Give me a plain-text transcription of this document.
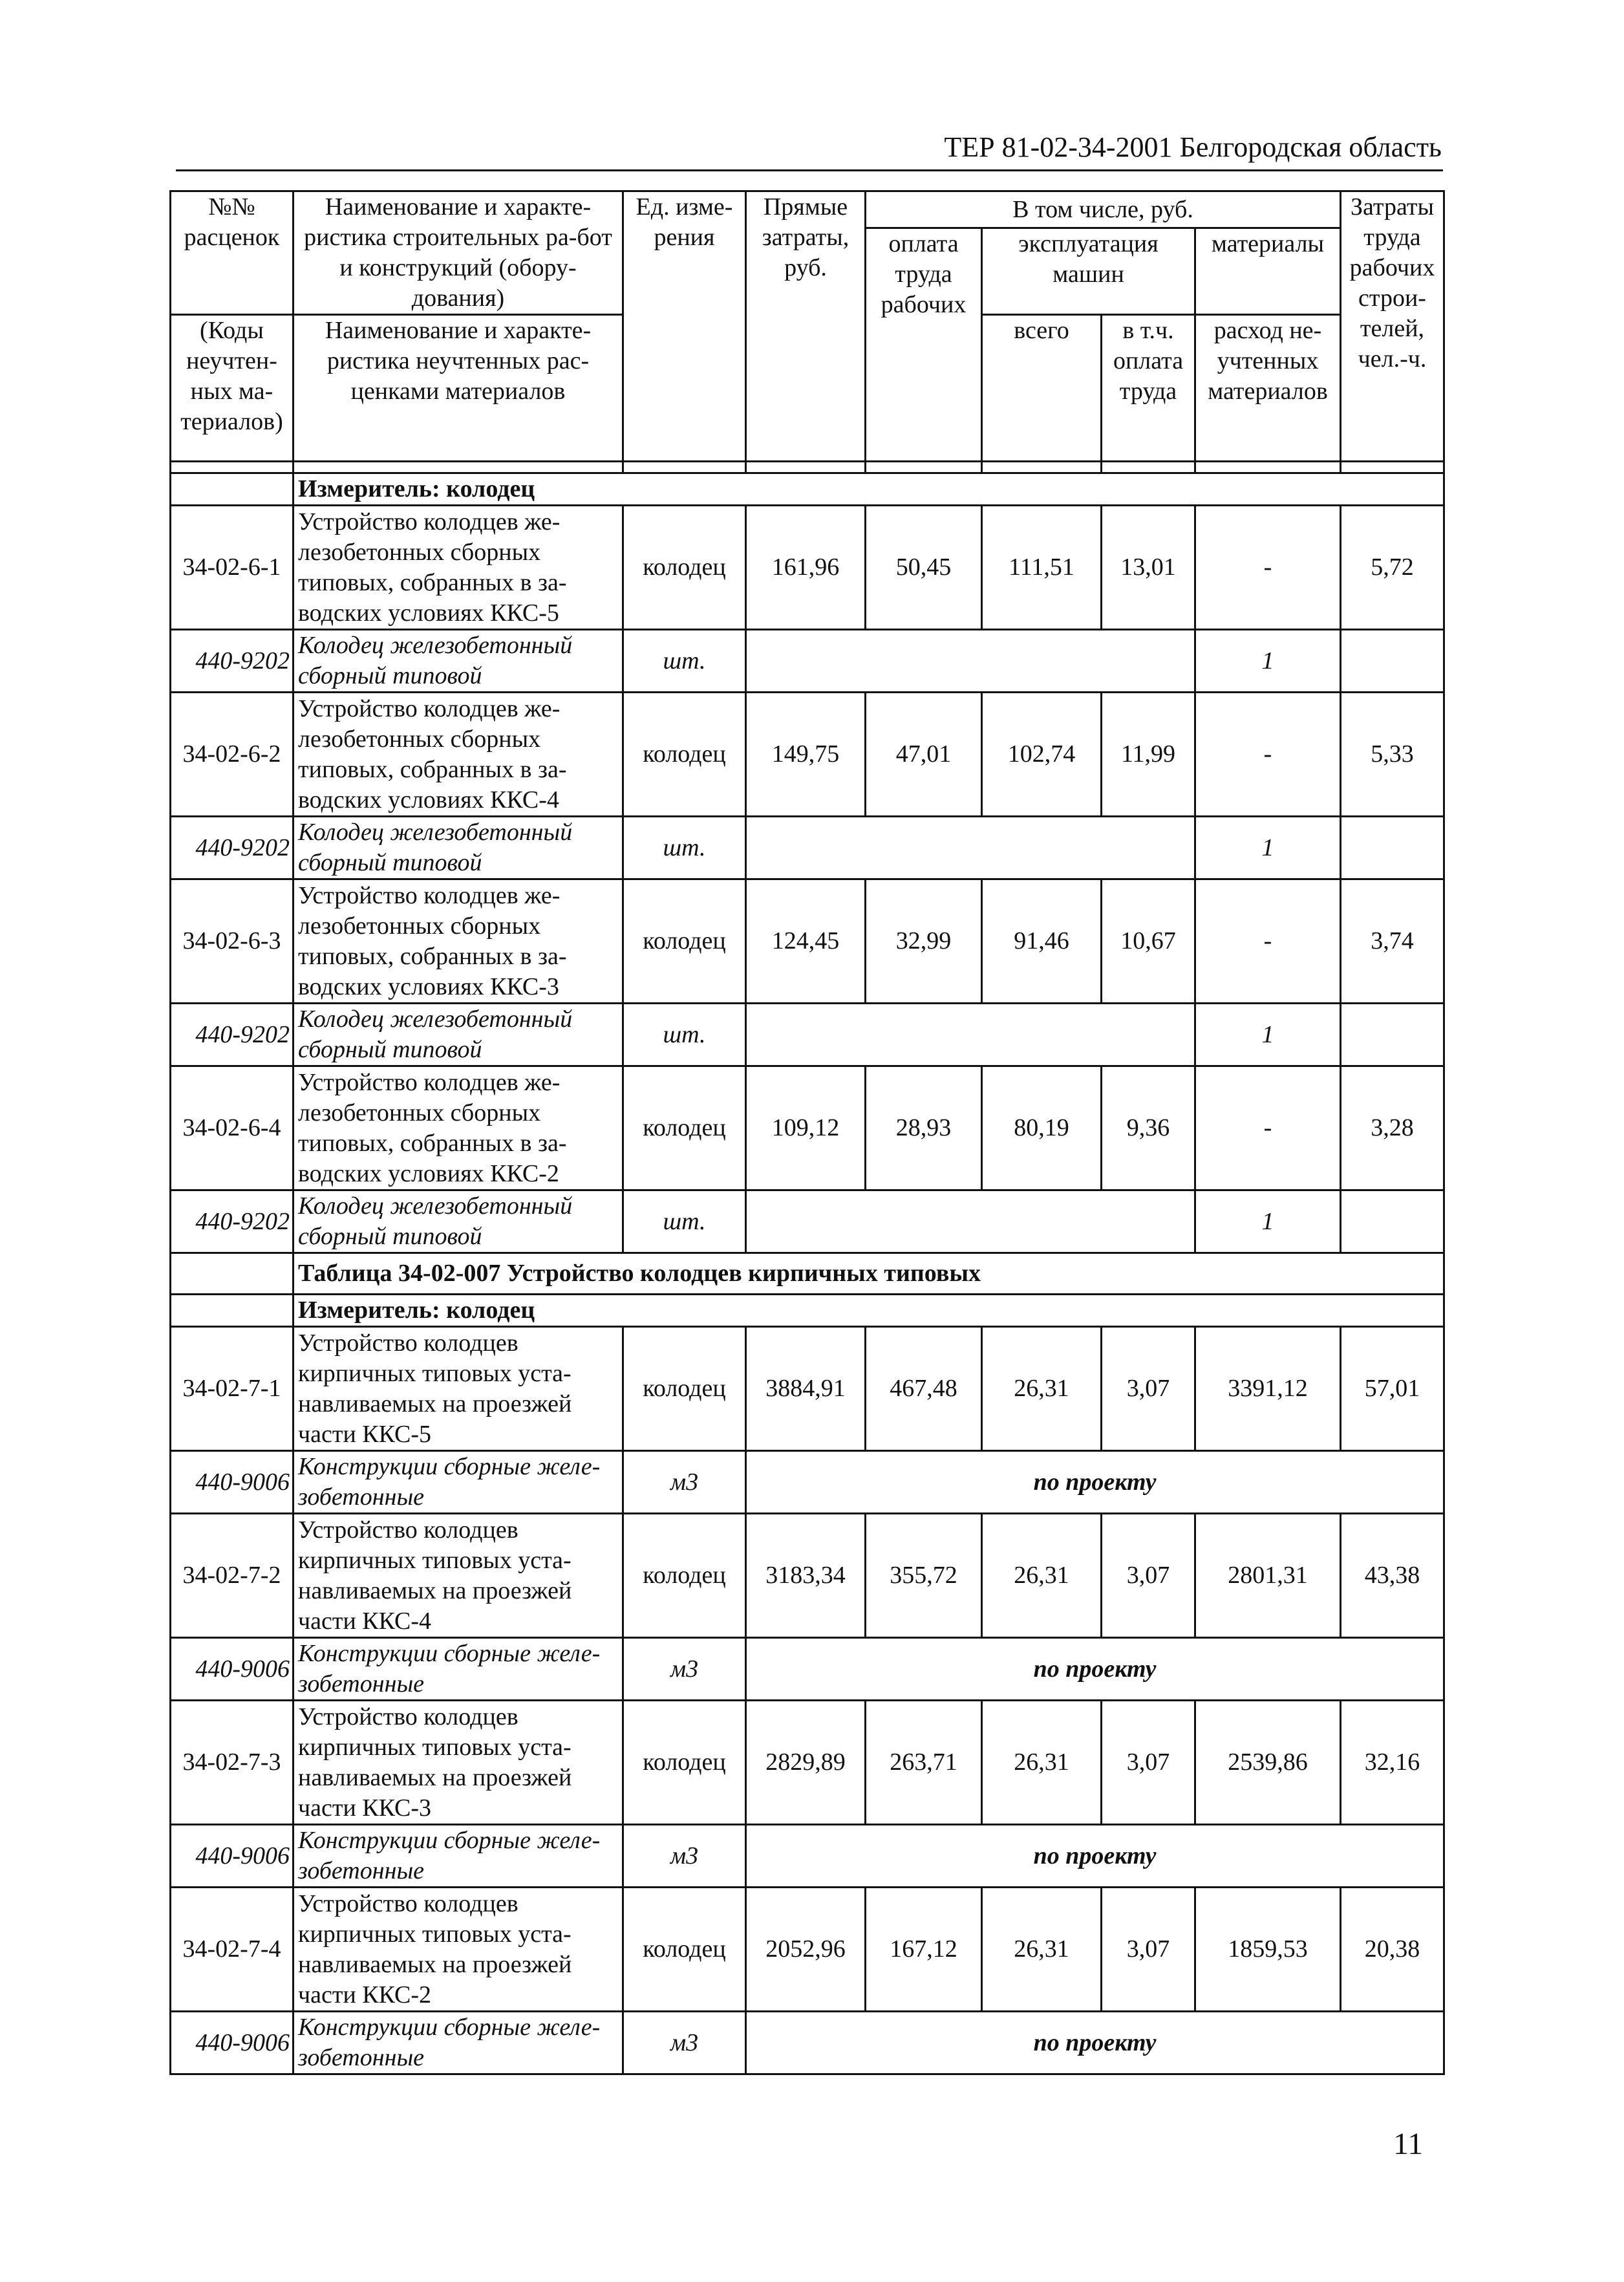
ТЕР 81-02-34-2001 Белгородская область
№№ расценок	Наименование и характе-ристика строительных ра-бот и конструкций (обору-дования)	Ед. изме-рения	Прямые затраты, руб.	В том числе, руб.				Затраты труда рабочих строи-телей, чел.-ч.
				оплата труда рабочих	эксплуатация машин		материалы	

(Коды неучтен-ных ма-териалов)	Наименование и характе-ристика неучтенных рас-ценками материалов				всего	в т.ч. оплата труда	расход не-учтенных материалов	

	Измеритель: колодец							
34-02-6-1	Устройство колодцев же-лезобетонных сборных типовых, собранных в за-водских условиях ККС-5	колодец	161,96	50,45	111,51	13,01	-	5,72
440-9202	Колодец железобетонный сборный типовой	шт.					1	
34-02-6-2	Устройство колодцев же-лезобетонных сборных типовых, собранных в за-водских условиях ККС-4	колодец	149,75	47,01	102,74	11,99	-	5,33
440-9202	Колодец железобетонный сборный типовой	шт.					1	
34-02-6-3	Устройство колодцев же-лезобетонных сборных типовых, собранных в за-водских условиях ККС-3	колодец	124,45	32,99	91,46	10,67	-	3,74
440-9202	Колодец железобетонный сборный типовой	шт.					1	
34-02-6-4	Устройство колодцев же-лезобетонных сборных типовых, собранных в за-водских условиях ККС-2	колодец	109,12	28,93	80,19	9,36	-	3,28
440-9202	Колодец железобетонный сборный типовой	шт.					1	
	Таблица 34-02-007 Устройство колодцев кирпичных типовых							
	Измеритель: колодец							
34-02-7-1	Устройство колодцев кирпичных типовых уста-навливаемых на проезжей части ККС-5	колодец	3884,91	467,48	26,31	3,07	3391,12	57,01
440-9006	Конструкции сборные желе-зобетонные	м3	по проекту					
34-02-7-2	Устройство колодцев кирпичных типовых уста-навливаемых на проезжей части ККС-4	колодец	3183,34	355,72	26,31	3,07	2801,31	43,38
440-9006	Конструкции сборные желе-зобетонные	м3	по проекту					
34-02-7-3	Устройство колодцев кирпичных типовых уста-навливаемых на проезжей части ККС-3	колодец	2829,89	263,71	26,31	3,07	2539,86	32,16
440-9006	Конструкции сборные желе-зобетонные	м3	по проекту					
34-02-7-4	Устройство колодцев кирпичных типовых уста-навливаемых на проезжей части ККС-2	колодец	2052,96	167,12	26,31	3,07	1859,53	20,38
440-9006	Конструкции сборные желе-зобетонные	м3	по проекту					
11
